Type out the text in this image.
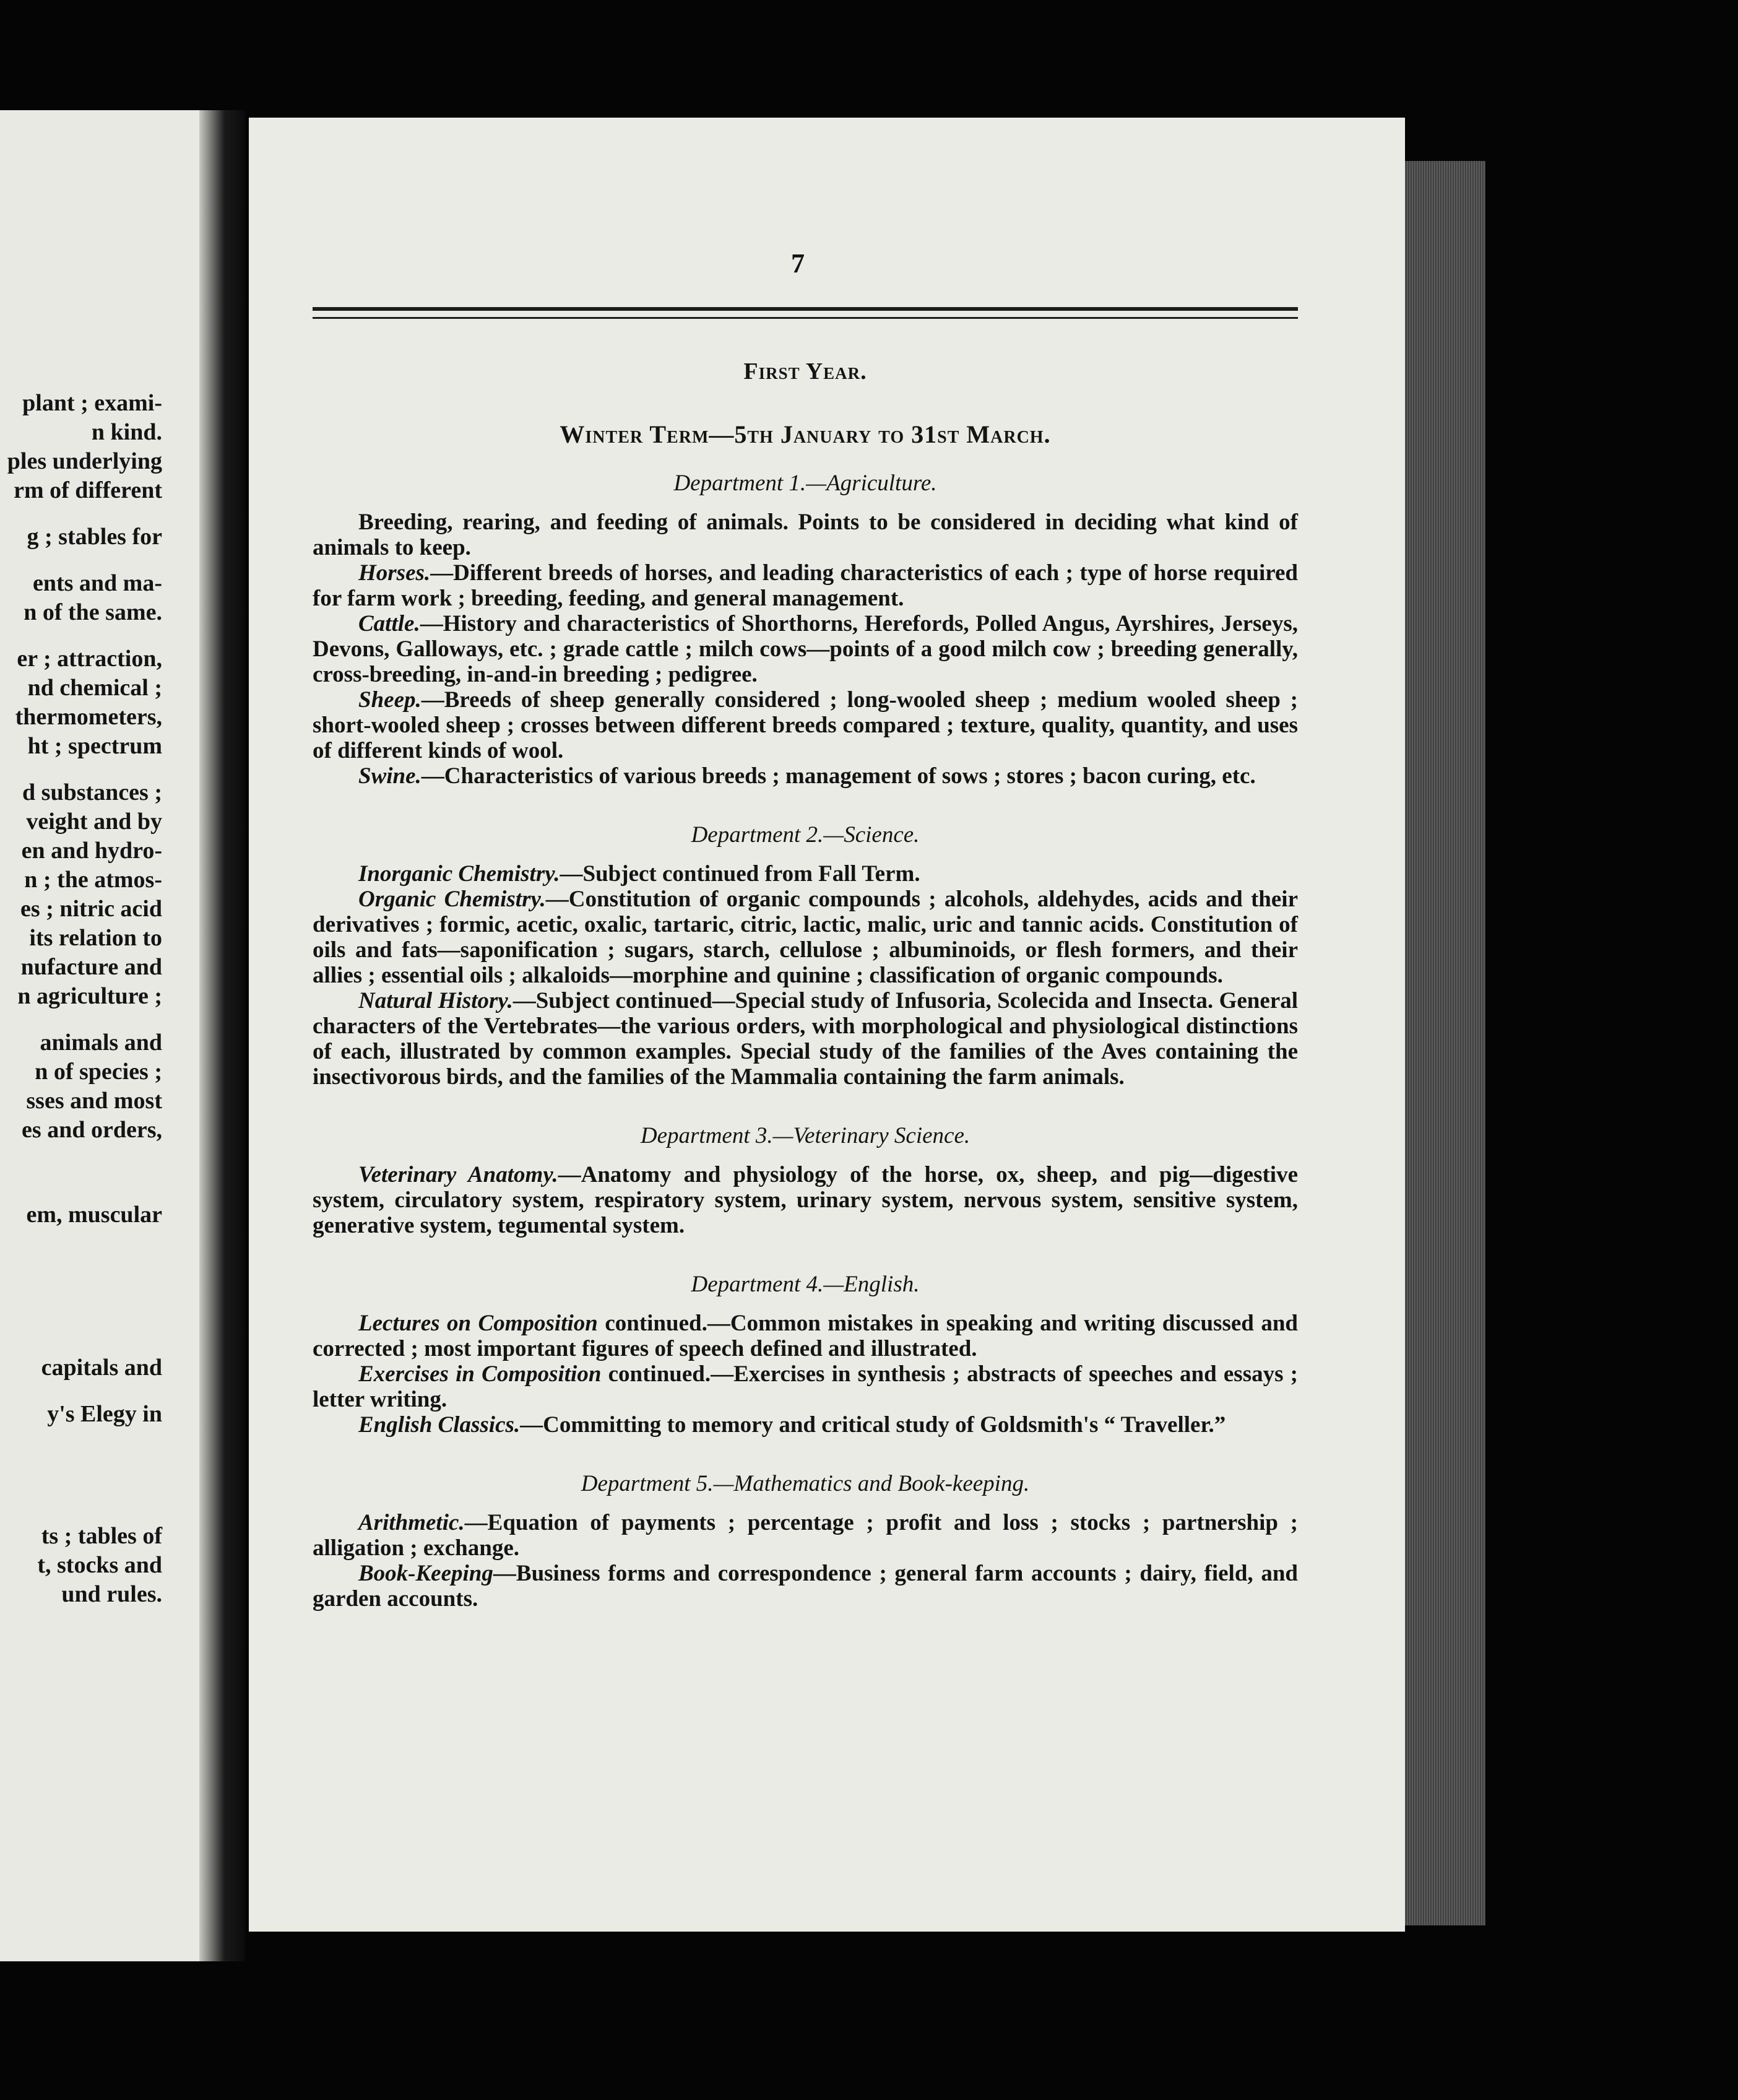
plant ; exami-
n kind.
ples underlying
rm of different
g ; stables for
ents and ma-
n of the same.
er ; attraction,
nd chemical ;
thermometers,
ht ; spectrum
d substances ;
veight and by
en and hydro-
n ; the atmos-
es ; nitric acid
its relation to
nufacture and
n agriculture ;
animals and
n of species ;
sses and most
es and orders,
em, muscular
capitals and
y's Elegy in
ts ; tables of
t, stocks and
und rules.
7
First Year.
Winter Term—5th January to 31st March.
Department 1.—Agriculture.

Breeding, rearing, and feeding of animals. Points to be considered in deciding what kind of animals to keep.

Horses.—Different breeds of horses, and leading characteristics of each ; type of horse required for farm work ; breeding, feeding, and general management.

Cattle.—History and characteristics of Shorthorns, Herefords, Polled Angus, Ayrshires, Jerseys, Devons, Galloways, etc. ; grade cattle ; milch cows—points of a good milch cow ; breeding generally, cross-breeding, in-and-in breeding ; pedigree.

Sheep.—Breeds of sheep generally considered ; long-wooled sheep ; medium wooled sheep ; short-wooled sheep ; crosses between different breeds compared ; texture, quality, quantity, and uses of different kinds of wool.

Swine.—Characteristics of various breeds ; management of sows ; stores ; bacon curing, etc.

Department 2.—Science.

Inorganic Chemistry.—Subject continued from Fall Term.

Organic Chemistry.—Constitution of organic compounds ; alcohols, aldehydes, acids and their derivatives ; formic, acetic, oxalic, tartaric, citric, lactic, malic, uric and tannic acids. Constitution of oils and fats—saponification ; sugars, starch, cellulose ; albuminoids, or flesh formers, and their allies ; essential oils ; alkaloids—morphine and quinine ; classification of organic compounds.

Natural History.—Subject continued—Special study of Infusoria, Scolecida and Insecta. General characters of the Vertebrates—the various orders, with morphological and physiological distinctions of each, illustrated by common examples. Special study of the families of the Aves containing the insectivorous birds, and the families of the Mammalia containing the farm animals.

Department 3.—Veterinary Science.

Veterinary Anatomy.—Anatomy and physiology of the horse, ox, sheep, and pig—digestive system, circulatory system, respiratory system, urinary system, nervous system, sensitive system, generative system, tegumental system.

Department 4.—English.

Lectures on Composition continued.—Common mistakes in speaking and writing discussed and corrected ; most important figures of speech defined and illustrated.

Exercises in Composition continued.—Exercises in synthesis ; abstracts of speeches and essays ; letter writing.

English Classics.—Committing to memory and critical study of Goldsmith's “ Traveller.”

Department 5.—Mathematics and Book-keeping.

Arithmetic.—Equation of payments ; percentage ; profit and loss ; stocks ; partnership ; alligation ; exchange.

Book-Keeping—Business forms and correspondence ; general farm accounts ; dairy, field, and garden accounts.
